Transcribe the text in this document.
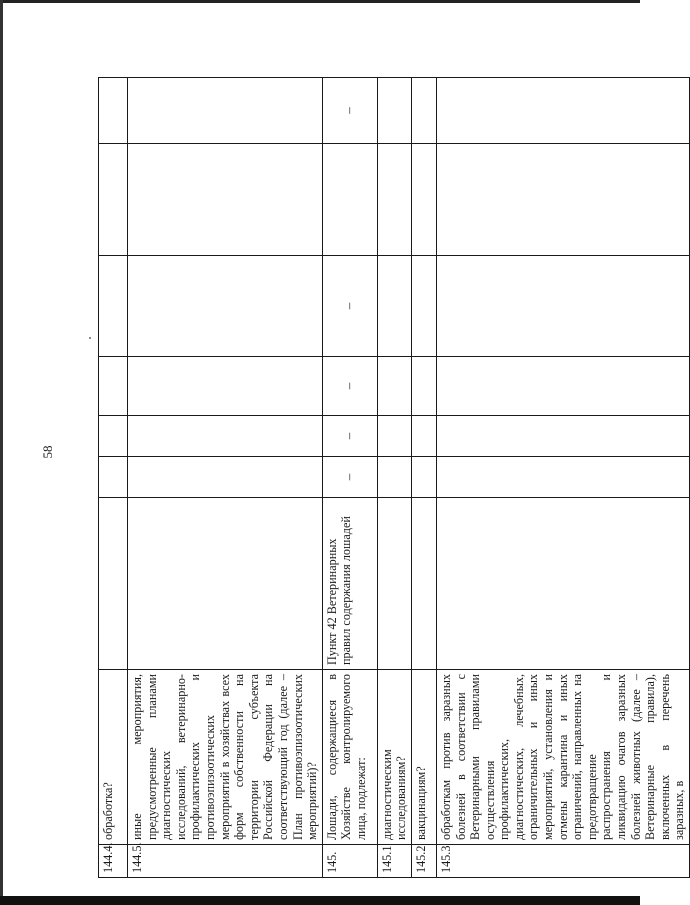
58
144.4.	обработка?							
144.5.	иные мероприятия, предусмотренные планами диагностических исследований, ветеринарно-профилактических и противоэпизоотических мероприятий в хозяйствах всех форм собственности на территории субъекта Российской Федерации на соответствующий год (далее – План противоэпизоотических мероприятий)?							
145.	Лошади, содержащиеся в Хозяйстве контролируемого лица, подлежат:	Пункт 42 Ветеринарных правил содержания лошадей	–	–	–	–		–
145.1	диагностическим исследованиям?							
145.2	вакцинациям?							
145.3	обработкам против заразных болезней в соответствии с Ветеринарными правилами осуществления профилактических, диагностических, лечебных, ограничительных и иных мероприятий, установления и отмены карантина и иных ограничений, направленных на предотвращение распространения и ликвидацию очагов заразных болезней животных (далее – Ветеринарные правила), включенных в перечень заразных, в							
